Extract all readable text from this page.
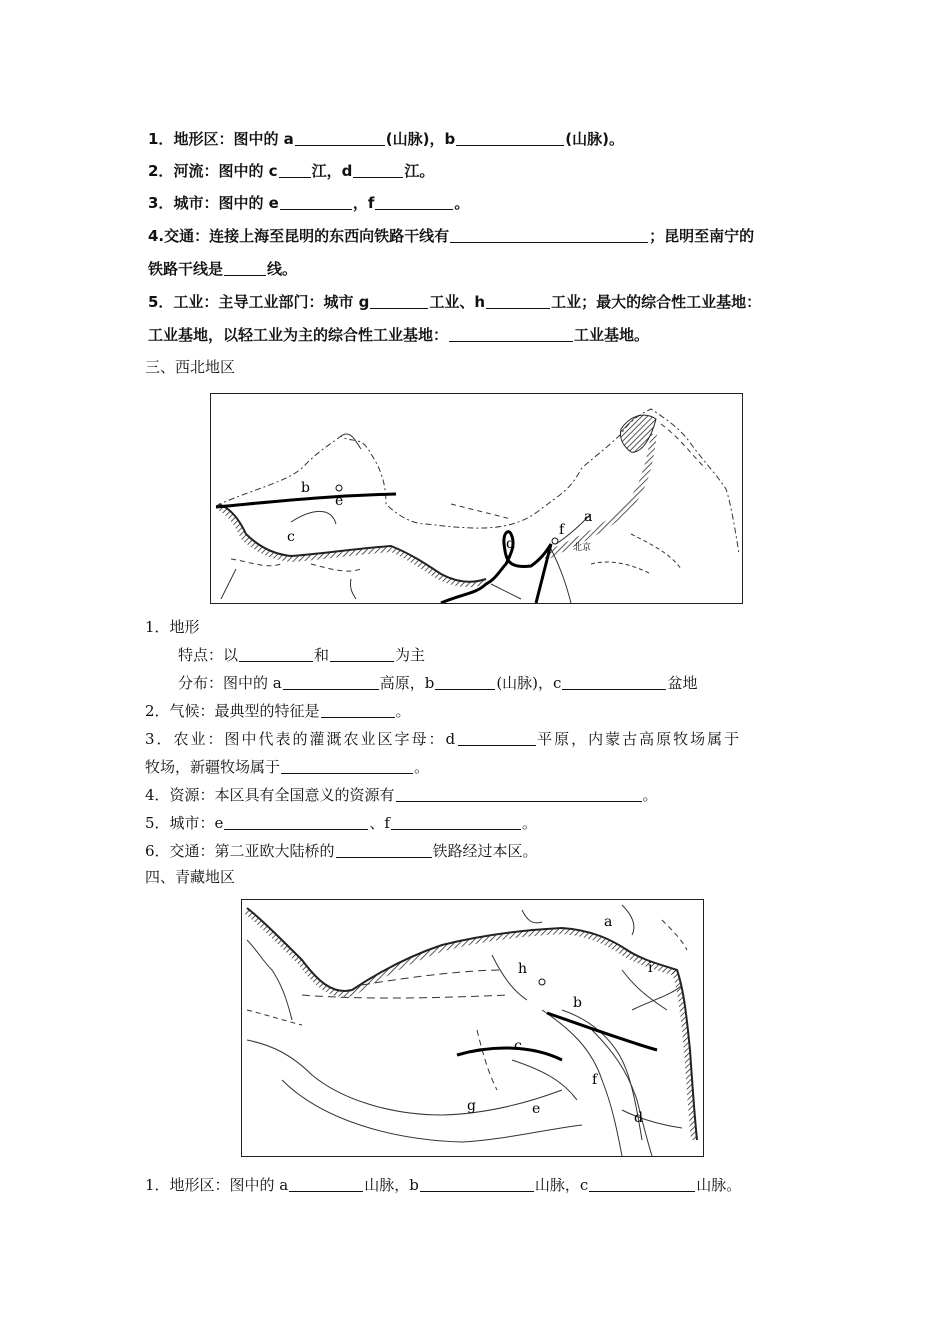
1．地形区：图中的 a	(山脉)，b	(山脉)。
2．河流：图中的 c 江，d	江。
3．城市：图中的 e	，f	。
4.交通：连接上海至昆明的东西向铁路干线有	；昆明至南宁的
铁路干线是	线。
5．工业：主导工业部门：城市 g	工业、h	工业；最大的综合性工业基地：
工业基地，以轻工业为主的综合性工业基地：	工业基地。
三、西北地区
b
e
c	d
f
a
北京
1．地形
特点：以	和	为主
分布：图中的 a	高原，b	(山脉)，c	盆地
2．气候：最典型的特征是	。
3．农业：图中代表的灌溉农业区字母：d	平原，内蒙古高原牧场属于
牧场，新疆牧场属于	。
4．资源：本区具有全国意义的资源有	。
5．城市：e	、f	。
6．交通：第二亚欧大陆桥的	铁路经过本区。
四、青藏地区
a
h	i
b
c
f
e
g
d
1．地形区：图中的 a	山脉，b	山脉，c	山脉。
